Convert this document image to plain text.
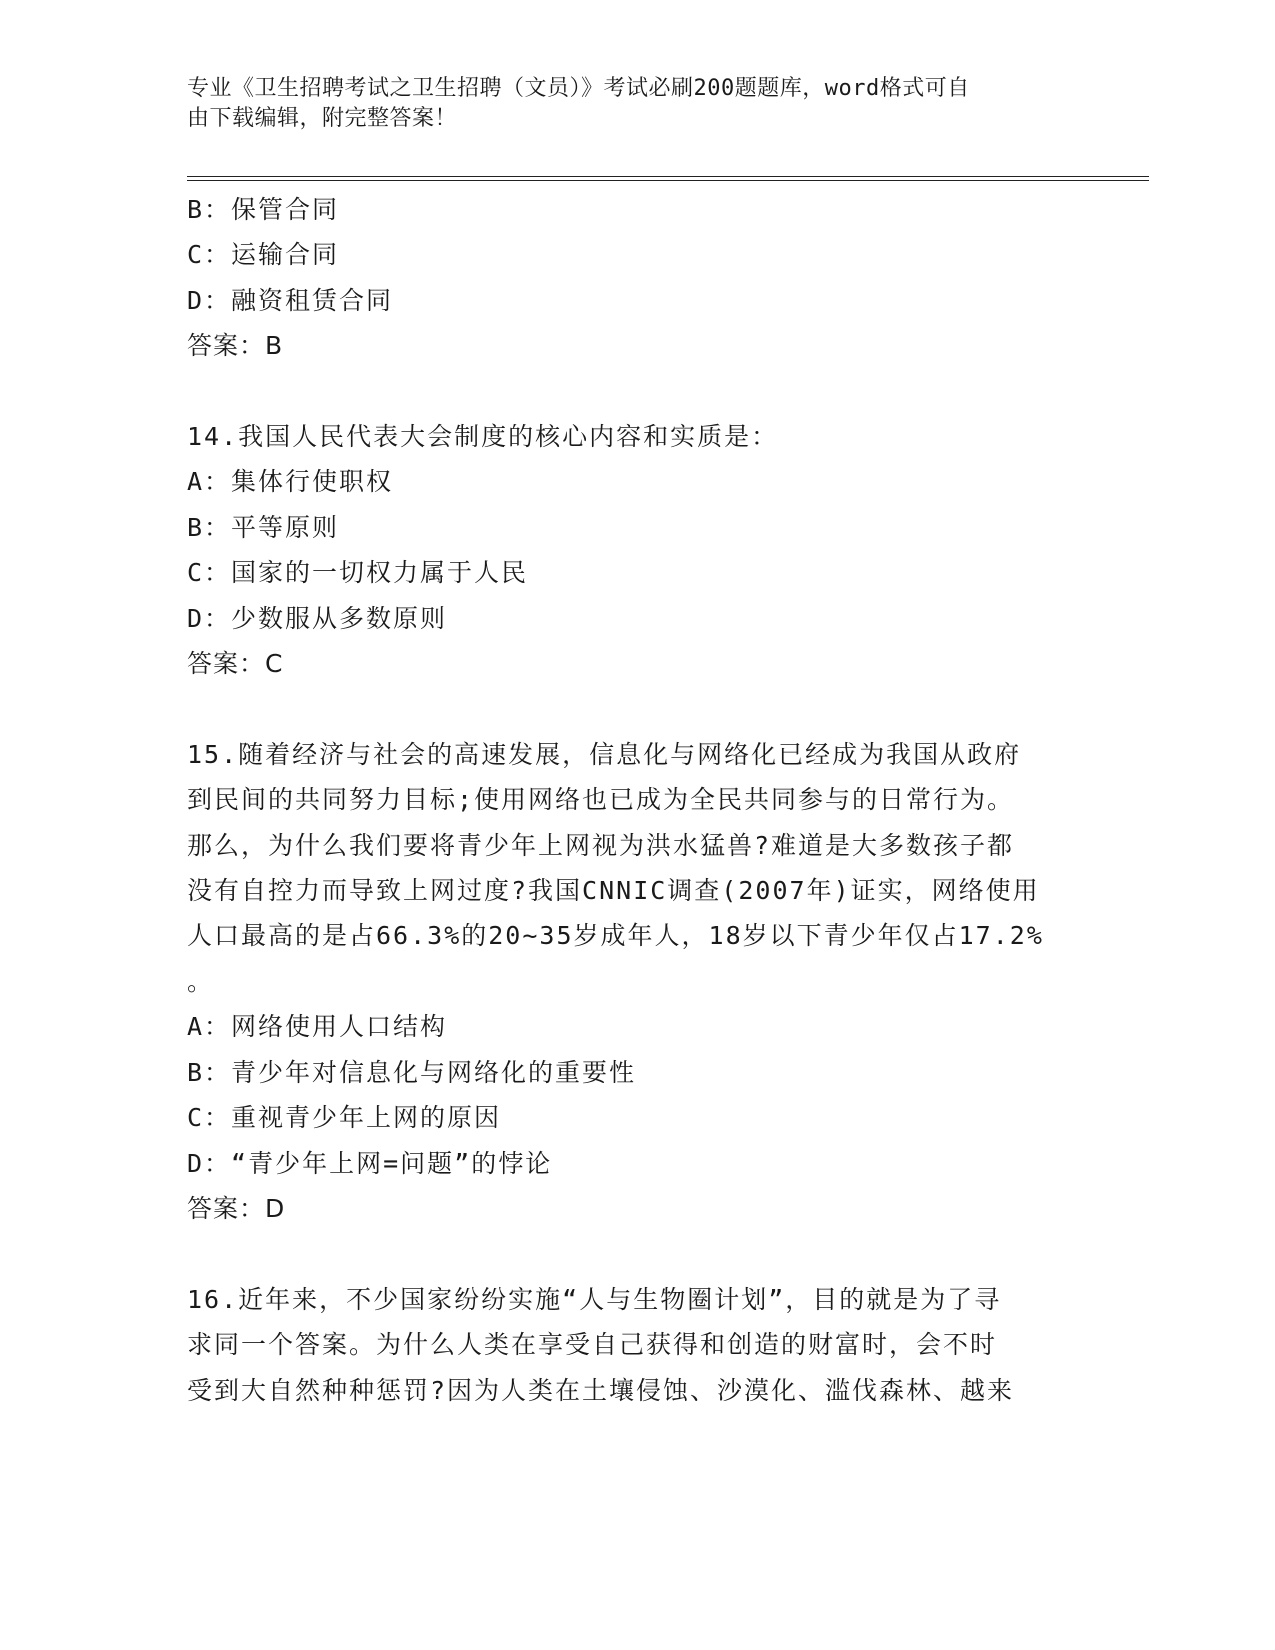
专业《卫生招聘考试之卫生招聘（文员）》考试必刷200题题库，word格式可自
由下载编辑，附完整答案！
B：保管合同
C：运输合同
D：融资租赁合同
答案：B
14.我国人民代表大会制度的核心内容和实质是：
A：集体行使职权
B：平等原则
C：国家的一切权力属于人民
D：少数服从多数原则
答案：C
15.随着经济与社会的高速发展，信息化与网络化已经成为我国从政府
到民间的共同努力目标;使用网络也已成为全民共同参与的日常行为。
那么，为什么我们要将青少年上网视为洪水猛兽?难道是大多数孩子都
没有自控力而导致上网过度?我国CNNIC调查(2007年)证实，网络使用
人口最高的是占66.3%的20~35岁成年人，18岁以下青少年仅占17.2%
。
A：网络使用人口结构
B：青少年对信息化与网络化的重要性
C：重视青少年上网的原因
D：“青少年上网=问题”的悖论
答案：D
16.近年来，不少国家纷纷实施“人与生物圈计划”，目的就是为了寻
求同一个答案。为什么人类在享受自己获得和创造的财富时，会不时
受到大自然种种惩罚?因为人类在土壤侵蚀、沙漠化、滥伐森林、越来
